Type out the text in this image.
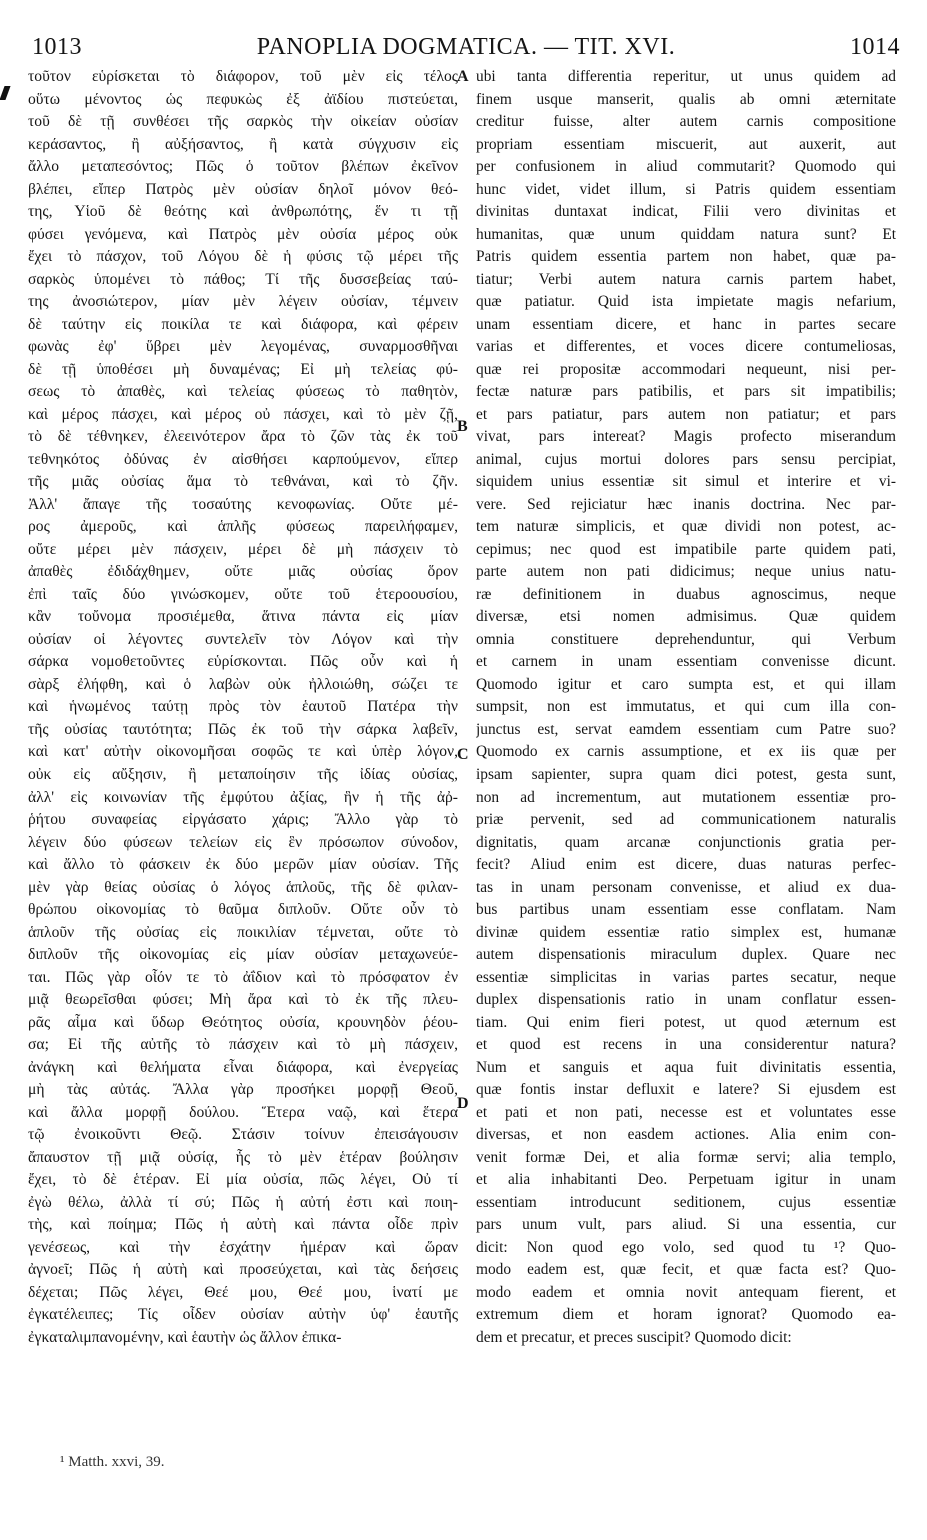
1013	PANOPLIA DOGMATICA. — TIT. XVI.	1014
τοῦτον εὑρίσκεται τὸ διάφορον, τοῦ μὲν εἰς τέλος
οὕτω μένοντος ὡς πεφυκὼς ἐξ ἀϊδίου πιστεύεται,
τοῦ δὲ τῇ συνθέσει τῆς σαρκὸς τὴν οἰκείαν οὐσίαν
κεράσαντος, ἢ αὐξήσαντος, ἢ κατὰ σύγχυσιν εἰς
ἄλλο μεταπεσόντος; Πῶς ὁ τοῦτον βλέπων ἐκεῖνον
βλέπει, εἴπερ Πατρὸς μὲν οὐσίαν δηλοῖ μόνον θεό-
της, Υἱοῦ δὲ θεότης καὶ ἀνθρωπότης, ἕν τι τῇ
φύσει γενόμενα, καὶ Πατρὸς μὲν οὐσία μέρος οὐκ
ἔχει τὸ πάσχον, τοῦ Λόγου δὲ ἡ φύσις τῷ μέρει τῆς
σαρκὸς ὑπομένει τὸ πάθος; Τί τῆς δυσσεβείας ταύ-
της ἀνοσιώτερον, μίαν μὲν λέγειν οὐσίαν, τέμνειν
δὲ ταύτην εἰς ποικίλα τε καὶ διάφορα, καὶ φέρειν
φωνὰς ἐφ' ὕβρει μὲν λεγομένας, συναρμοσθῆναι
δὲ τῇ ὑποθέσει μὴ δυναμένας; Εἰ μὴ τελείας φύ-
σεως τὸ ἀπαθὲς, καὶ τελείας φύσεως τὸ παθητὸν,
καὶ μέρος πάσχει, καὶ μέρος οὐ πάσχει, καὶ τὸ μὲν ζῇ,
τὸ δὲ τέθνηκεν, ἐλεεινότερον ἄρα τὸ ζῶν τὰς ἐκ τοῦ
τεθνηκότος ὀδύνας ἐν αἰσθήσει καρπούμενον, εἴπερ
τῆς μιᾶς οὐσίας ἅμα τὸ τεθνάναι, καὶ τὸ ζῆν.
Ἀλλ' ἄπαγε τῆς τοσαύτης κενοφωνίας. Οὔτε μέ-
ρος ἀμεροῦς, καὶ ἁπλῆς φύσεως παρειλήφαμεν,
οὔτε μέρει μὲν πάσχειν, μέρει δὲ μὴ πάσχειν τὸ
ἀπαθὲς ἐδιδάχθημεν, οὔτε μιᾶς οὐσίας ὅρον
ἐπὶ ταῖς δύο γινώσκομεν, οὔτε τοῦ ἑτερoουσίου,
κἂν τοὔνομα προσιέμεθα, ἅτινα πάντα εἰς μίαν
οὐσίαν οἱ λέγοντες συντελεῖν τὸν Λόγον καὶ τὴν
σάρκα νομοθετοῦντες εὑρίσκονται. Πῶς οὖν καὶ ἡ
σὰρξ ἐλήφθη, καὶ ὁ λαβὼν οὐκ ἠλλοιώθη, σώζει τε
καὶ ἡνωμένος ταύτῃ πρὸς τὸν ἑαυτοῦ Πατέρα τὴν
τῆς οὐσίας ταυτότητα; Πῶς ἐκ τοῦ τὴν σάρκα λαβεῖν,
καὶ κατ' αὐτὴν οἰκονομῆσαι σοφῶς τε καὶ ὑπὲρ λόγον,
οὐκ εἰς αὔξησιν, ἢ μεταποίησιν τῆς ἰδίας οὐσίας,
ἀλλ' εἰς κοινωνίαν τῆς ἐμφύτου ἀξίας, ἣν ἡ τῆς ἀῤ-
ῥήτου συναφείας εἰργάσατο χάρις; Ἄλλο γὰρ τὸ
λέγειν δύο φύσεων τελείων εἰς ἓν πρόσωπον σύνοδον,
καὶ ἄλλο τὸ φάσκειν ἐκ δύο μερῶν μίαν οὐσίαν. Τῆς
μὲν γὰρ θείας οὐσίας ὁ λόγος ἁπλοῦς, τῆς δὲ φιλαν-
θρώπου οἰκονομίας τὸ θαῦμα διπλοῦν. Οὔτε οὖν τὸ
ἁπλοῦν τῆς οὐσίας εἰς ποικιλίαν τέμνεται, οὔτε τὸ
διπλοῦν τῆς οἰκονομίας εἰς μίαν οὐσίαν μεταχωνεύε-
ται. Πῶς γὰρ οἷόν τε τὸ ἀΐδιον καὶ τὸ πρόσφατον ἐν
μιᾷ θεωρεῖσθαι φύσει; Μὴ ἄρα καὶ τὸ ἐκ τῆς πλευ-
ρᾶς αἷμα καὶ ὕδωρ Θεότητος οὐσία, κρουνηδὸν ῥέου-
σα; Εἰ τῆς αὐτῆς τὸ πάσχειν καὶ τὸ μὴ πάσχειν,
ἀνάγκη καὶ θελήματα εἶναι διάφορα, καὶ ἐνεργείας
μὴ τὰς αὐτάς. Ἄλλα γὰρ προσήκει μορφῇ Θεοῦ,
καὶ ἄλλα μορφῇ δούλου. Ἕτερα ναῷ, καὶ ἕτερα
τῷ ἐνοικοῦντι Θεῷ. Στάσιν τοίνυν ἐπεισάγουσιν
ἄπαυστον τῇ μιᾷ οὐσίᾳ, ἧς τὸ μὲν ἑτέραν βούλησιν
ἔχει, τὸ δὲ ἑτέραν. Εἰ μία οὐσία, πῶς λέγει, Οὐ τί
ἐγὼ θέλω, ἀλλὰ τί σύ; Πῶς ἡ αὐτή ἐστι καὶ ποιη-
τὴς, καὶ ποίημα; Πῶς ἡ αὐτὴ καὶ πάντα οἶδε πρὶν
γενέσεως, καὶ τὴν ἐσχάτην ἡμέραν καὶ ὥραν
ἀγνοεῖ; Πῶς ἡ αὐτὴ καὶ προσεύχεται, καὶ τὰς δεήσεις
δέχεται; Πῶς λέγει, Θεέ μου, Θεέ μου, ἱνατί με
ἐγκατέλειπες; Τίς οἶδεν οὐσίαν αὐτὴν ὑφ' ἑαυτῆς
ἐγκαταλιμπανομένην, καὶ ἑαυτὴν ὡς ἄλλον ἐπικα-
ubi tanta differentia reperitur, ut unus quidem ad
finem usque manserit, qualis ab omni æternitate
creditur fuisse, alter autem carnis compositione
propriam essentiam miscuerit, aut auxerit, aut
per confusionem in aliud commutarit? Quomodo qui
hunc videt, videt illum, si Patris quidem essentiam
divinitas duntaxat indicat, Filii vero divinitas et
humanitas, quæ unum quiddam natura sunt? Et
Patris quidem essentia partem non habet, quæ pa-
tiatur; Verbi autem natura carnis partem habet,
quæ patiatur. Quid ista impietate magis nefarium,
unam essentiam dicere, et hanc in partes secare
varias et differentes, et voces dicere contumeliosas,
quæ rei propositæ accommodari nequeunt, nisi per-
fectæ naturæ pars patibilis, et pars sit impatibilis;
et pars patiatur, pars autem non patiatur; et pars
vivat, pars intereat? Magis profecto miserandum
animal, cujus mortui dolores pars sensu percipiat,
siquidem unius essentiæ sit simul et interire et vi-
vere. Sed rejiciatur hæc inanis doctrina. Nec par-
tem naturæ simplicis, et quæ dividi non potest, ac-
cepimus; nec quod est impatibile parte quidem pati,
parte autem non pati didicimus; neque unius natu-
ræ definitionem in duabus agnoscimus, neque
diversæ, etsi nomen admisimus. Quæ quidem
omnia constituere deprehenduntur, qui Verbum
et carnem in unam essentiam convenisse dicunt.
Quomodo igitur et caro sumpta est, et qui illam
sumpsit, non est immutatus, et qui cum illa con-
junctus est, servat eamdem essentiam cum Patre suo?
Quomodo ex carnis assumptione, et ex iis quæ per
ipsam sapienter, supra quam dici potest, gesta sunt,
non ad incrementum, aut mutationem essentiæ pro-
priæ pervenit, sed ad communicationem naturalis
dignitatis, quam arcanæ conjunctionis gratia per-
fecit? Aliud enim est dicere, duas naturas perfec-
tas in unam personam convenisse, et aliud ex dua-
bus partibus unam essentiam esse conflatam. Nam
divinæ quidem essentiæ ratio simplex est, humanæ
autem dispensationis miraculum duplex. Quare nec
essentiæ simplicitas in varias partes secatur, neque
duplex dispensationis ratio in unam conflatur essen-
tiam. Qui enim fieri potest, ut quod æternum est
et quod est recens in una considerentur natura?
Num et sanguis et aqua fuit divinitatis essentia,
quæ fontis instar defluxit e latere? Si ejusdem est
et pati et non pati, necesse est et voluntates esse
diversas, et non easdem actiones. Alia enim con-
venit formæ Dei, et alia formæ servi; alia templo,
et alia inhabitanti Deo. Perpetuam igitur in unam
essentiam introducunt seditionem, cujus essentiæ
pars unum vult, pars aliud. Si una essentia, cur
dicit: Non quod ego volo, sed quod tu ¹? Quo-
modo eadem est, quæ fecit, et quæ facta est? Quo-
modo eadem et omnia novit antequam fierent, et
extremum diem et horam ignorat? Quomodo ea-
dem et precatur, et preces suscipit? Quomodo dicit:
A
B
C
D
¹ Matth. xxvi, 39.
